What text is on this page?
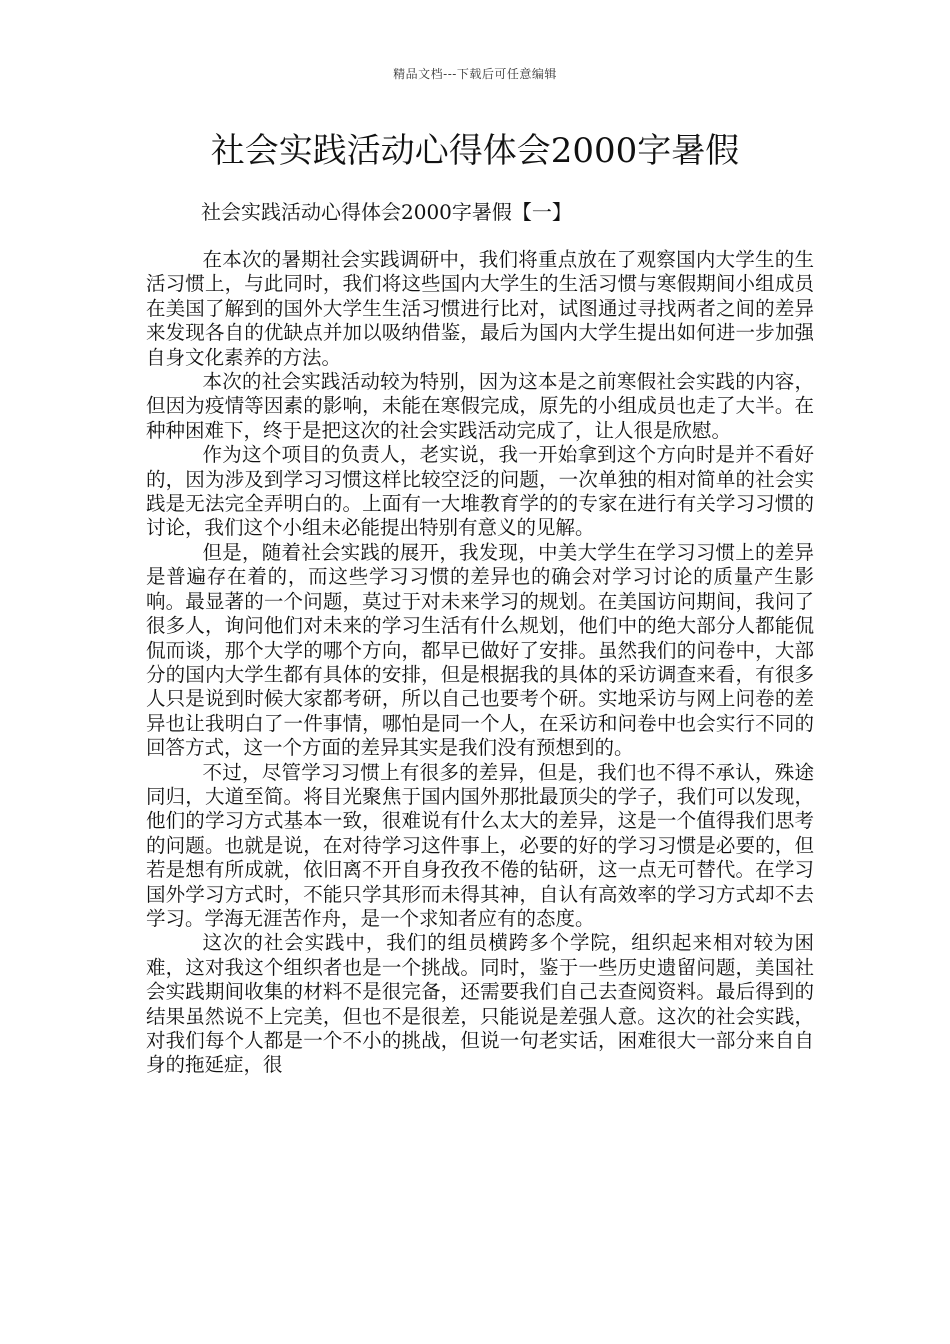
精品文档---下载后可任意编辑
社会实践活动心得体会2000字暑假
社会实践活动心得体会2000字暑假【一】

在本次的暑期社会实践调研中，我们将重点放在了观察国内大学生的生活习惯上，与此同时，我们将这些国内大学生的生活习惯与寒假期间小组成员在美国了解到的国外大学生生活习惯进行比对，试图通过寻找两者之间的差异来发现各自的优缺点并加以吸纳借鉴，最后为国内大学生提出如何进一步加强自身文化素养的方法。

本次的社会实践活动较为特别，因为这本是之前寒假社会实践的内容，但因为疫情等因素的影响，未能在寒假完成，原先的小组成员也走了大半。在种种困难下，终于是把这次的社会实践活动完成了，让人很是欣慰。

作为这个项目的负责人，老实说，我一开始拿到这个方向时是并不看好的，因为涉及到学习习惯这样比较空泛的问题，一次单独的相对简单的社会实践是无法完全弄明白的。上面有一大堆教育学的的专家在进行有关学习习惯的讨论，我们这个小组未必能提出特别有意义的见解。

但是，随着社会实践的展开，我发现，中美大学生在学习习惯上的差异是普遍存在着的，而这些学习习惯的差异也的确会对学习讨论的质量产生影响。最显著的一个问题，莫过于对未来学习的规划。在美国访问期间，我问了很多人，询问他们对未来的学习生活有什么规划，他们中的绝大部分人都能侃侃而谈，那个大学的哪个方向，都早已做好了安排。虽然我们的问卷中，大部分的国内大学生都有具体的安排，但是根据我的具体的采访调查来看，有很多人只是说到时候大家都考研，所以自己也要考个研。实地采访与网上问卷的差异也让我明白了一件事情，哪怕是同一个人，在采访和问卷中也会实行不同的回答方式，这一个方面的差异其实是我们没有预想到的。

不过，尽管学习习惯上有很多的差异，但是，我们也不得不承认，殊途同归，大道至简。将目光聚焦于国内国外那批最顶尖的学子，我们可以发现，他们的学习方式基本一致，很难说有什么太大的差异，这是一个值得我们思考的问题。也就是说，在对待学习这件事上，必要的好的学习习惯是必要的，但若是想有所成就，依旧离不开自身孜孜不倦的钻研，这一点无可替代。在学习国外学习方式时，不能只学其形而未得其神，自认有高效率的学习方式却不去学习。学海无涯苦作舟，是一个求知者应有的态度。

这次的社会实践中，我们的组员横跨多个学院，组织起来相对较为困难，这对我这个组织者也是一个挑战。同时，鉴于一些历史遗留问题，美国社会实践期间收集的材料不是很完备，还需要我们自己去查阅资料。最后得到的结果虽然说不上完美，但也不是很差，只能说是差强人意。这次的社会实践，对我们每个人都是一个不小的挑战，但说一句老实话，困难很大一部分来自自身的拖延症，很
